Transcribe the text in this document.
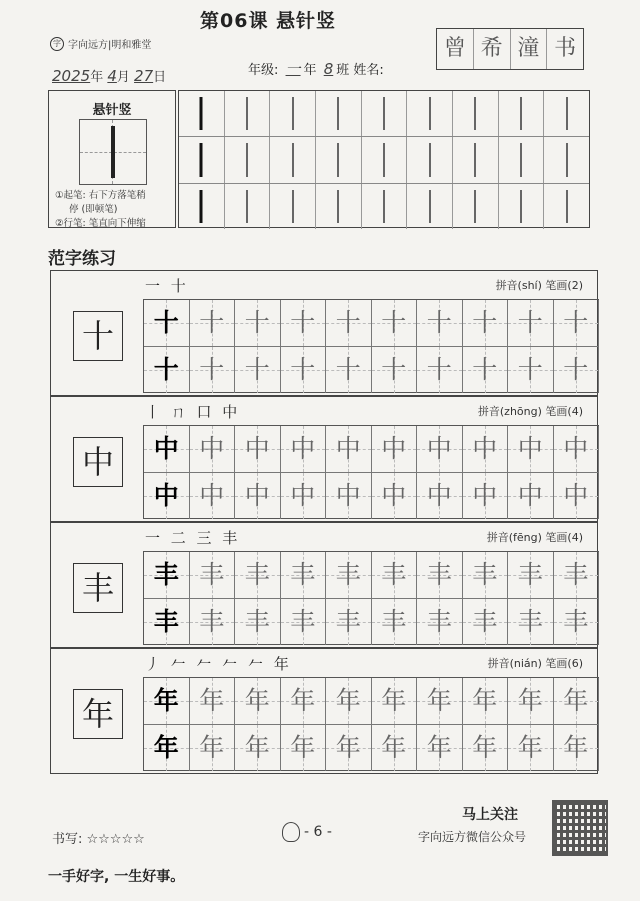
字 字向远方|明和雅堂
第06课 悬针竖
曾 希 潼 书
2025年 4月 27日	年级: 一 年 8 班 姓名:
悬针竖
①起笔: 右下方落笔稍
停 (即顿笔)
②行笔: 笔直向下伸缩
范字练习
十
一 十	拼音(shí) 笔画(2)
十 十 十 十 十 十 十 十 十 十
十 十 十 十 十 十 十 十 十 十
中
丨 ㄇ 口 中	拼音(zhōng) 笔画(4)
中 中 中 中 中 中 中 中 中 中
中 中 中 中 中 中 中 中 中 中
丰
一 二 三 丰	拼音(fēng) 笔画(4)
丰 丰 丰 丰 丰 丰 丰 丰 丰 丰
丰 丰 丰 丰 丰 丰 丰 丰 丰 丰
年
丿 𠂉 𠂉 𠂉 𠂉 年	拼音(nián) 笔画(6)
年 年 年 年 年 年 年 年 年 年
年 年 年 年 年 年 年 年 年 年
书写: ☆☆☆☆☆	- 6 -
马上关注
字向远方微信公众号
一手好字, 一生好事。
